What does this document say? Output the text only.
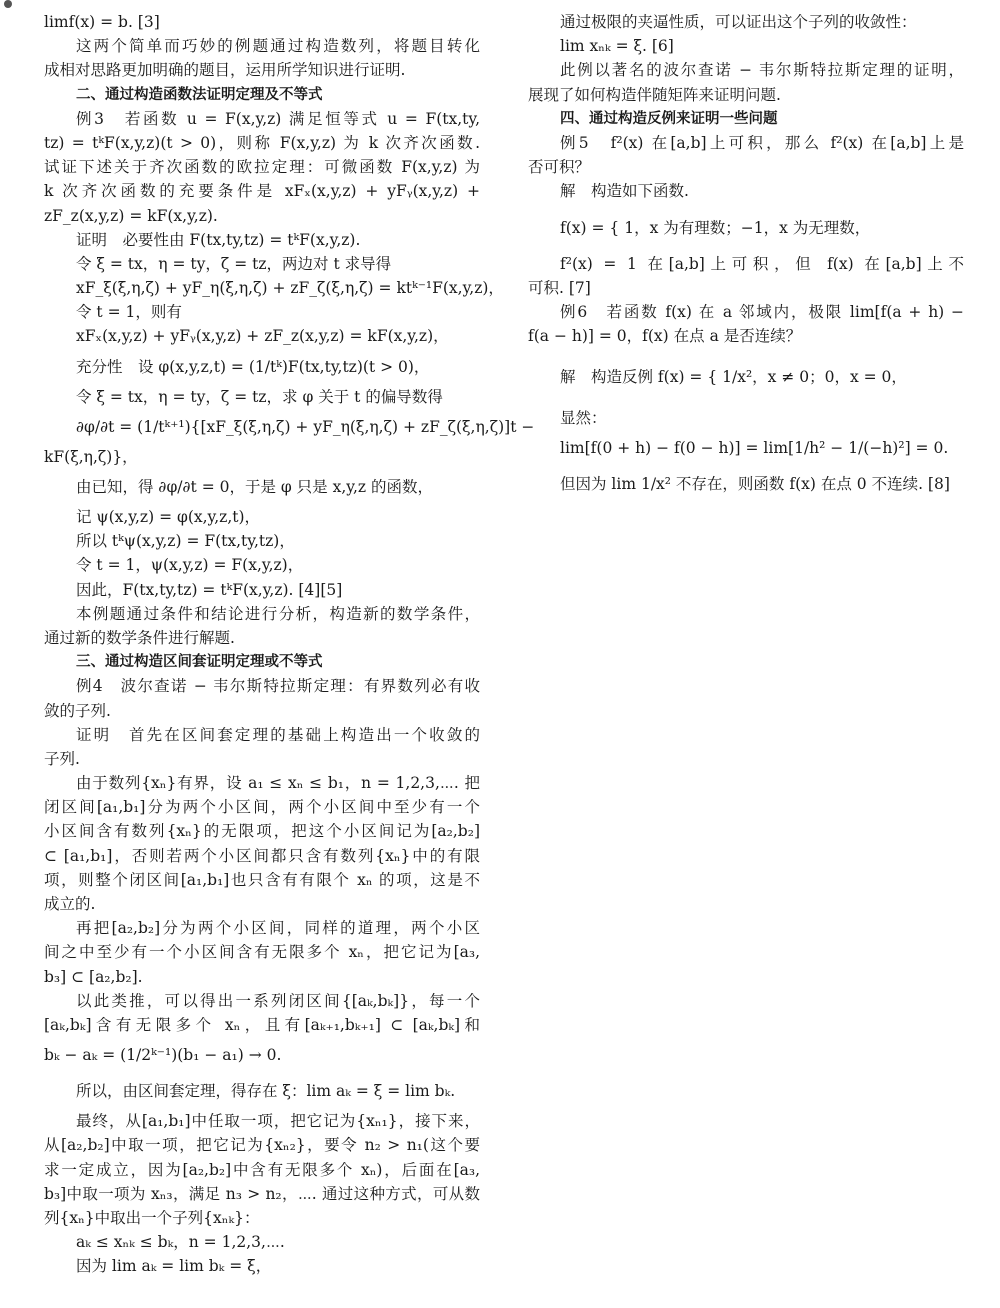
limf(x) = b. [3]
这两个简单而巧妙的例题通过构造数列，将题目转化
成相对思路更加明确的题目，运用所学知识进行证明.
二、通过构造函数法证明定理及不等式
例3　若函数 u = F(x,y,z) 满足恒等式 u = F(tx,ty,
tz) = tᵏF(x,y,z)(t > 0)，则称 F(x,y,z) 为 k 次齐次函数.
试证下述关于齐次函数的欧拉定理：可微函数 F(x,y,z) 为
k 次齐次函数的充要条件是 xFₓ(x,y,z) + yFᵧ(x,y,z) +
zF_z(x,y,z) = kF(x,y,z).
证明　必要性由 F(tx,ty,tz) = tᵏF(x,y,z).
令 ξ = tx，η = ty，ζ = tz，两边对 t 求导得
xF_ξ(ξ,η,ζ) + yF_η(ξ,η,ζ) + zF_ζ(ξ,η,ζ) = ktᵏ⁻¹F(x,y,z)，
令 t = 1，则有
xFₓ(x,y,z) + yFᵧ(x,y,z) + zF_z(x,y,z) = kF(x,y,z)，
充分性　设 φ(x,y,z,t) = (1/tᵏ)F(tx,ty,tz)(t > 0)，
令 ξ = tx，η = ty，ζ = tz，求 φ 关于 t 的偏导数得
∂φ/∂t = (1/tᵏ⁺¹){[xF_ξ(ξ,η,ζ) + yF_η(ξ,η,ζ) + zF_ζ(ξ,η,ζ)]t −
kF(ξ,η,ζ)}，
由已知，得 ∂φ/∂t = 0，于是 φ 只是 x,y,z 的函数，
记 ψ(x,y,z) = φ(x,y,z,t)，
所以 tᵏψ(x,y,z) = F(tx,ty,tz)，
令 t = 1，ψ(x,y,z) = F(x,y,z)，
因此，F(tx,ty,tz) = tᵏF(x,y,z). [4][5]
本例题通过条件和结论进行分析，构造新的数学条件，
通过新的数学条件进行解题.
三、通过构造区间套证明定理或不等式
例4　波尔查诺 − 韦尔斯特拉斯定理：有界数列必有收
敛的子列.
证明　首先在区间套定理的基础上构造出一个收敛的
子列.
由于数列{xₙ}有界，设 a₁ ≤ xₙ ≤ b₁，n = 1,2,3,⋯. 把
闭区间[a₁,b₁]分为两个小区间，两个小区间中至少有一个
小区间含有数列{xₙ}的无限项，把这个小区间记为[a₂,b₂]
⊂ [a₁,b₁]，否则若两个小区间都只含有数列{xₙ}中的有限
项，则整个闭区间[a₁,b₁]也只含有有限个 xₙ 的项，这是不
成立的.
再把[a₂,b₂]分为两个小区间，同样的道理，两个小区
间之中至少有一个小区间含有无限多个 xₙ，把它记为[a₃,
b₃] ⊂ [a₂,b₂].
以此类推，可以得出一系列闭区间{[aₖ,bₖ]}，每一个
[aₖ,bₖ]含有无限多个 xₙ，且有[aₖ₊₁,bₖ₊₁] ⊂ [aₖ,bₖ]和
bₖ − aₖ = (1/2ᵏ⁻¹)(b₁ − a₁) → 0.
所以，由区间套定理，得存在 ξ：lim aₖ = ξ = lim bₖ.
最终，从[a₁,b₁]中任取一项，把它记为{xₙ₁}，接下来，
从[a₂,b₂]中取一项，把它记为{xₙ₂}，要令 n₂ > n₁(这个要
求一定成立，因为[a₂,b₂]中含有无限多个 xₙ)，后面在[a₃,
b₃]中取一项为 xₙ₃，满足 n₃ > n₂，⋯. 通过这种方式，可从数
列{xₙ}中取出一个子列{xₙₖ}：
aₖ ≤ xₙₖ ≤ bₖ，n = 1,2,3,⋯.
因为 lim aₖ = lim bₖ = ξ，
通过极限的夹逼性质，可以证出这个子列的收敛性：
lim xₙₖ = ξ. [6]
此例以著名的波尔查诺 − 韦尔斯特拉斯定理的证明，
展现了如何构造伴随矩阵来证明问题.
四、通过构造反例来证明一些问题
例5　f²(x) 在[a,b]上可积，那么 f²(x) 在[a,b]上是
否可积？
解　构造如下函数.
f(x) = { 1，x 为有理数；−1，x 为无理数，
f²(x) = 1 在[a,b]上可积，但 f(x) 在[a,b]上不
可积. [7]
例6　若函数 f(x) 在 a 邻域内，极限 lim[f(a + h) −
f(a − h)] = 0，f(x) 在点 a 是否连续？
解　构造反例 f(x) = { 1/x²，x ≠ 0；0，x = 0，
显然：
lim[f(0 + h) − f(0 − h)] = lim[1/h² − 1/(−h)²] = 0.
但因为 lim 1/x² 不存在，则函数 f(x) 在点 0 不连续. [8]
